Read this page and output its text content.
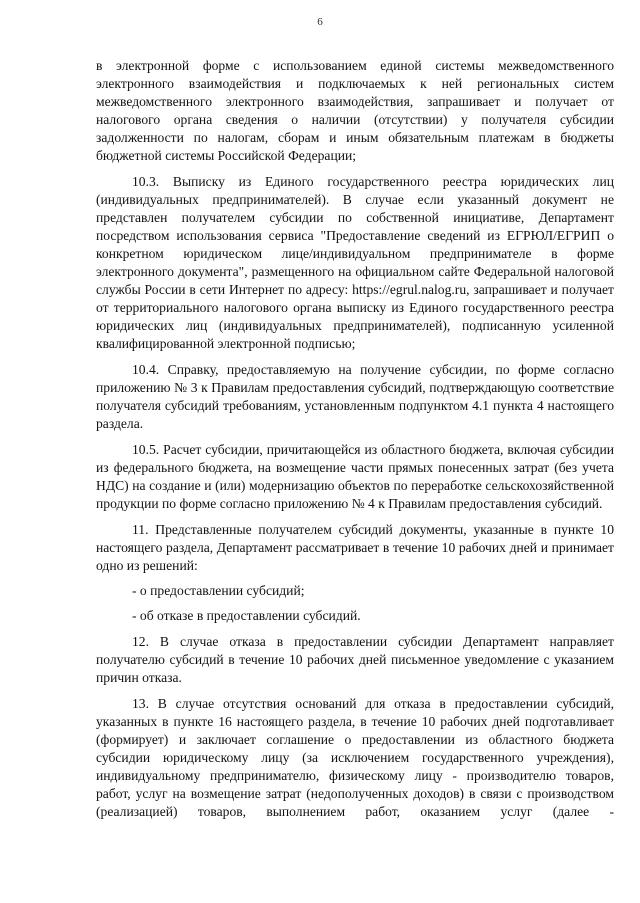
6

в электронной форме с использованием единой системы межведомственного электронного взаимодействия и подключаемых к ней региональных систем межведомственного электронного взаимодействия, запрашивает и получает от налогового органа сведения о наличии (отсутствии) у получателя субсидии задолженности по налогам, сборам и иным обязательным платежам в бюджеты бюджетной системы Российской Федерации;

10.3. Выписку из Единого государственного реестра юридических лиц (индивидуальных предпринимателей). В случае если указанный документ не представлен получателем субсидии по собственной инициативе, Департамент посредством использования сервиса "Предоставление сведений из ЕГРЮЛ/ЕГРИП о конкретном юридическом лице/индивидуальном предпринимателе в форме электронного документа", размещенного на официальном сайте Федеральной налоговой службы России в сети Интернет по адресу: https://egrul.nalog.ru, запрашивает и получает от территориального налогового органа выписку из Единого государственного реестра юридических лиц (индивидуальных предпринимателей), подписанную усиленной квалифицированной электронной подписью;

10.4. Справку, предоставляемую на получение субсидии, по форме согласно приложению № 3 к Правилам предоставления субсидий, подтверждающую соответствие получателя субсидий требованиям, установленным подпунктом 4.1 пункта 4 настоящего раздела.

10.5. Расчет субсидии, причитающейся из областного бюджета, включая субсидии из федерального бюджета, на возмещение части прямых понесенных затрат (без учета НДС) на создание и (или) модернизацию объектов по переработке сельскохозяйственной продукции по форме согласно приложению № 4 к Правилам предоставления субсидий.

11. Представленные получателем субсидий документы, указанные в пункте 10 настоящего раздела, Департамент рассматривает в течение 10 рабочих дней и принимает одно из решений:

- о предоставлении субсидий;

- об отказе в предоставлении субсидий.

12. В случае отказа в предоставлении субсидии Департамент направляет получателю субсидий в течение 10 рабочих дней письменное уведомление с указанием причин отказа.

13. В случае отсутствия оснований для отказа в предоставлении субсидий, указанных в пункте 16 настоящего раздела, в течение 10 рабочих дней подготавливает (формирует) и заключает соглашение о предоставлении из областного бюджета субсидии юридическому лицу (за исключением государственного учреждения), индивидуальному предпринимателю, физическому лицу - производителю товаров, работ, услуг на возмещение затрат (недополученных доходов) в связи с производством (реализацией) товаров, выполнением работ, оказанием услуг (далее -
